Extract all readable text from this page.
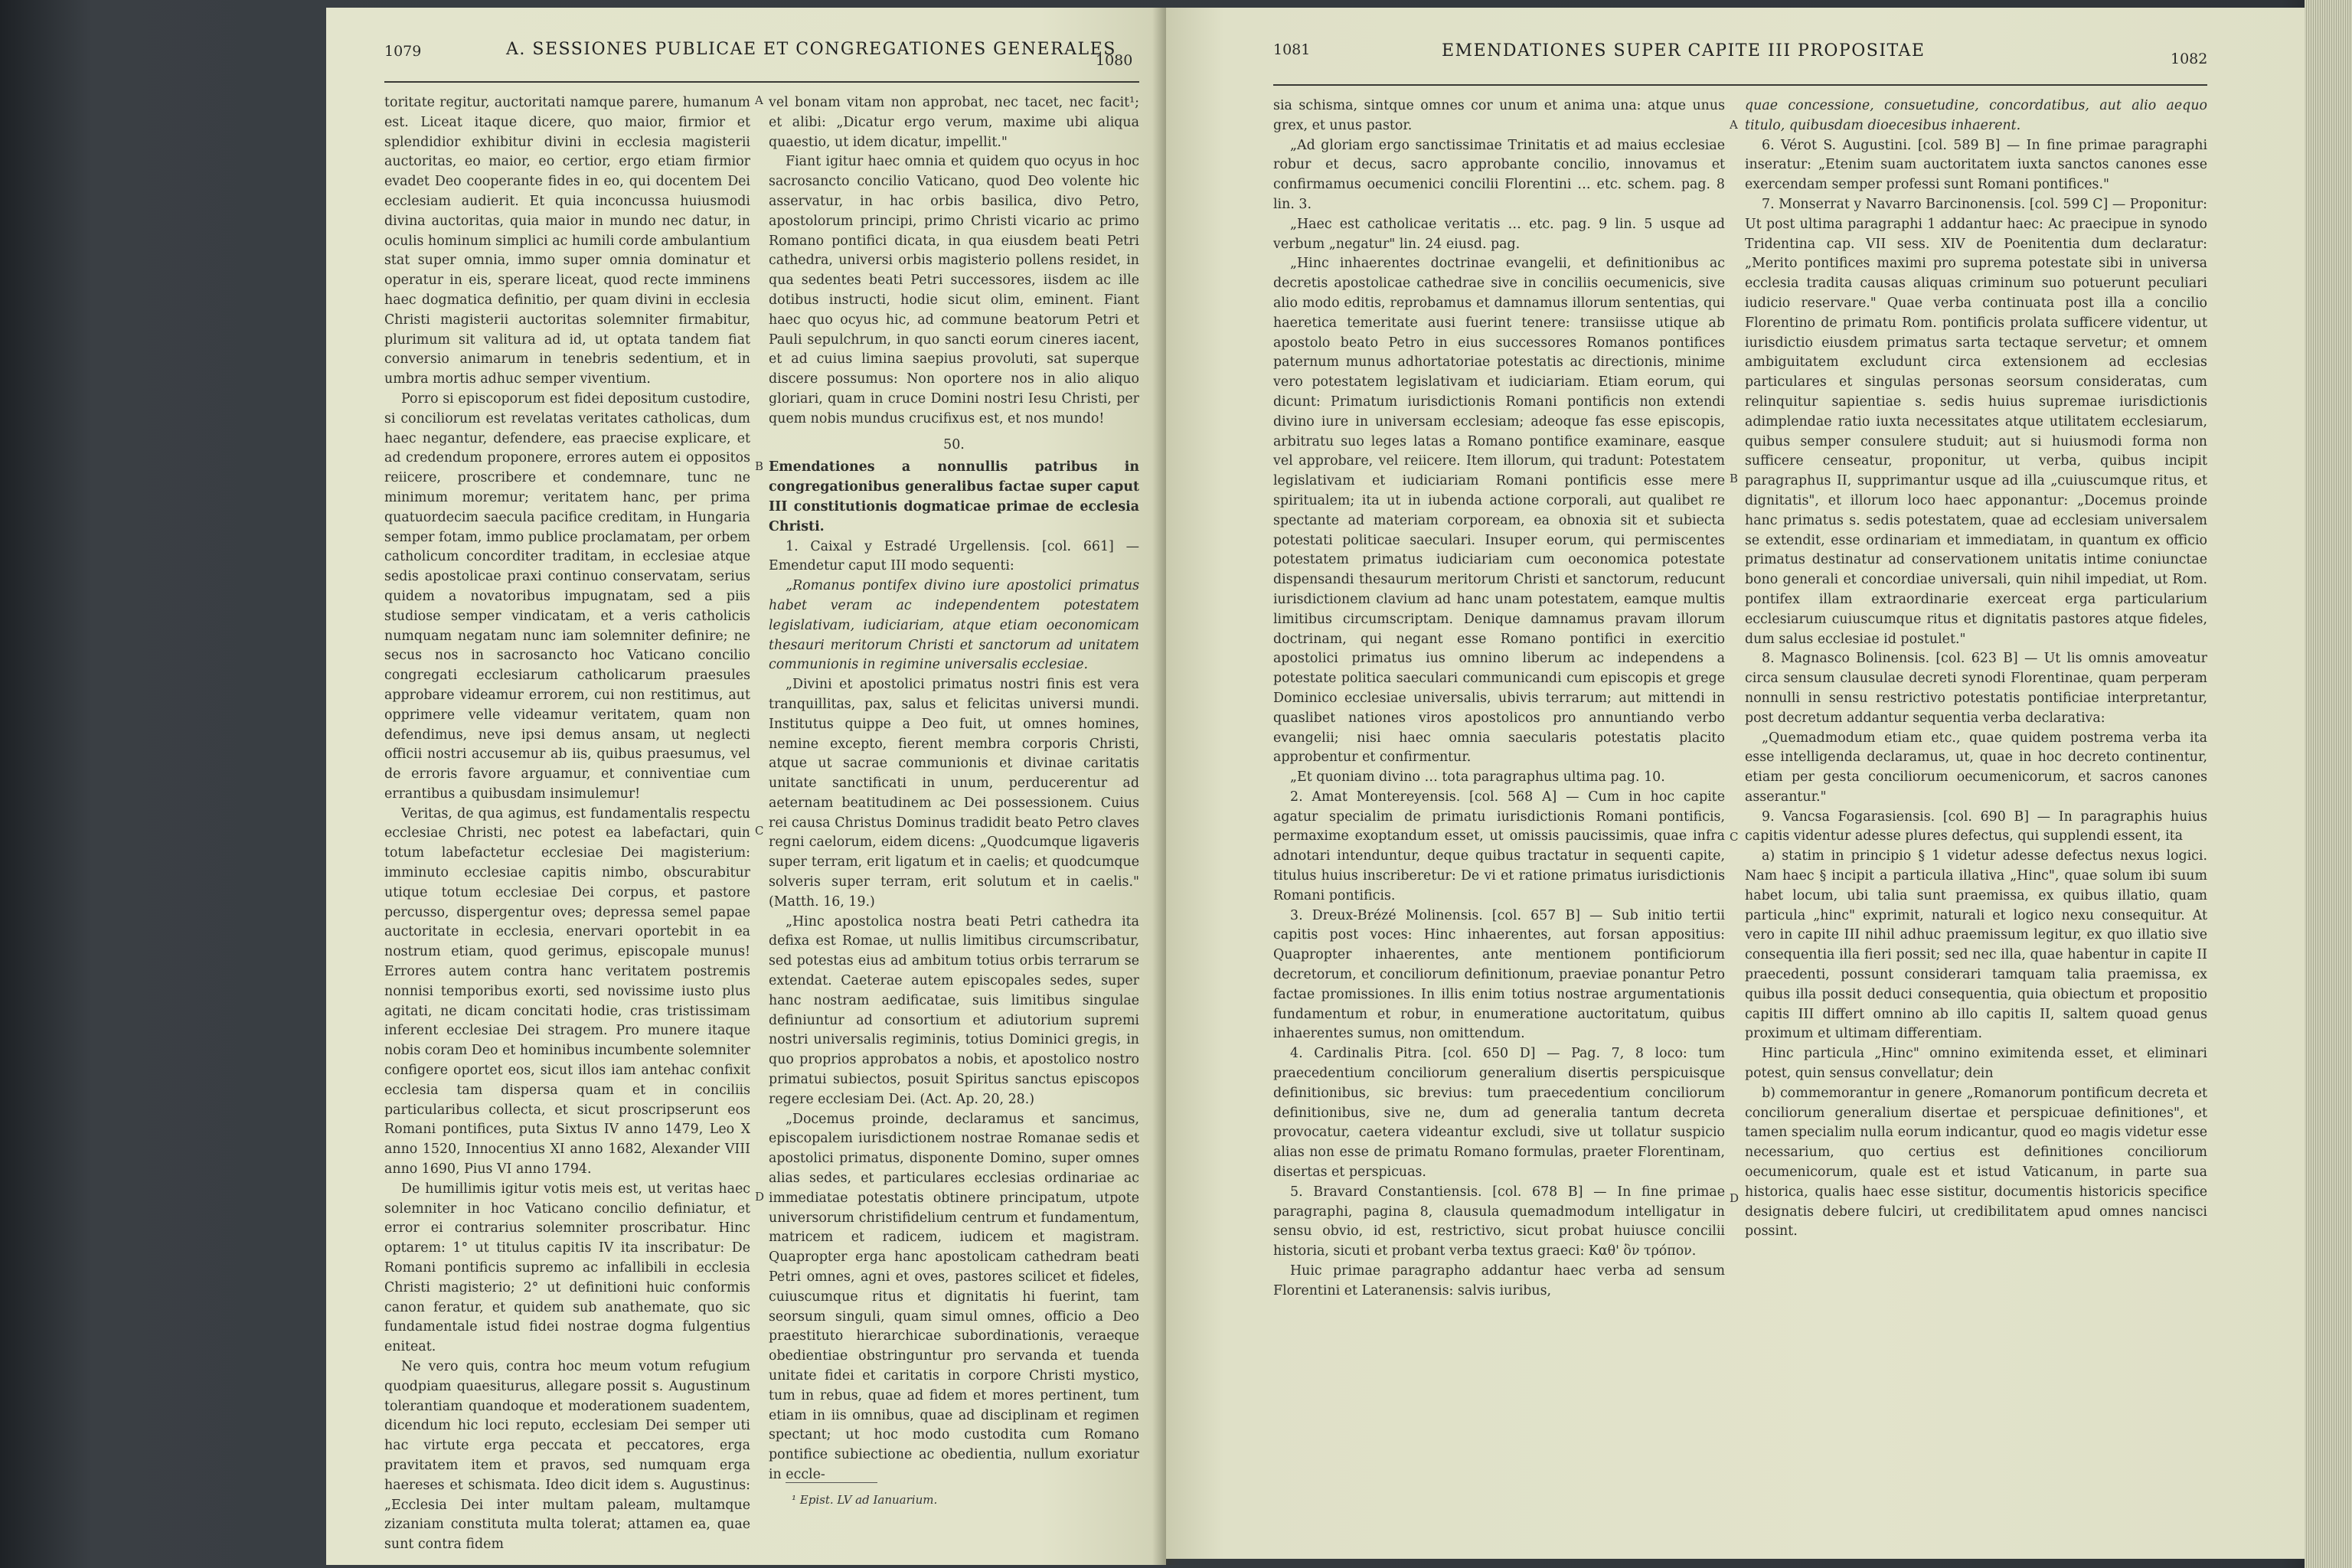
1079	A. SESSIONES PUBLICAE ET CONGREGATIONES GENERALES
1080

toritate regitur, auctoritati namque parere, humanum est. Liceat itaque dicere, quo maior, firmior et splendidior exhibitur divini in ecclesia magisterii auctoritas, eo maior, eo certior, ergo etiam firmior evadet Deo cooperante fides in eo, qui docentem Dei ecclesiam audierit. Et quia inconcussa huiusmodi divina auctoritas, quia maior in mundo nec datur, in oculis hominum simplici ac humili corde ambulantium stat super omnia, immo super omnia dominatur et operatur in eis, sperare liceat, quod recte imminens haec dogmatica definitio, per quam divini in ecclesia Christi magisterii auctoritas solemniter firmabitur, plurimum sit valitura ad id, ut optata tandem fiat conversio animarum in tenebris sedentium, et in umbra mortis adhuc semper viventium.

Porro si episcoporum est fidei depositum custodire, si conciliorum est revelatas veritates catholicas, dum haec negantur, defendere, eas praecise explicare, et ad credendum proponere, errores autem ei oppositos reiicere, proscribere et condemnare, tunc ne minimum moremur; veritatem hanc, per prima quatuordecim saecula pacifice creditam, in Hungaria semper fotam, immo publice proclamatam, per orbem catholicum concorditer traditam, in ecclesiae atque sedis apostolicae praxi continuo conservatam, serius quidem a novatoribus impugnatam, sed a piis studiose semper vindicatam, et a veris catholicis numquam negatam nunc iam solemniter definire; ne secus nos in sacrosancto hoc Vaticano concilio congregati ecclesiarum catholicarum praesules approbare videamur errorem, cui non restitimus, aut opprimere velle videamur veritatem, quam non defendimus, neve ipsi demus ansam, ut neglecti officii nostri accusemur ab iis, quibus praesumus, vel de erroris favore arguamur, et conniventiae cum errantibus a quibusdam insimulemur!

Veritas, de qua agimus, est fundamentalis respectu ecclesiae Christi, nec potest ea labefactari, quin totum labefactetur ecclesiae Dei magisterium: imminuto ecclesiae capitis nimbo, obscurabitur utique totum ecclesiae Dei corpus, et pastore percusso, dispergentur oves; depressa semel papae auctoritate in ecclesia, enervari oportebit in ea nostrum etiam, quod gerimus, episcopale munus! Errores autem contra hanc veritatem postremis nonnisi temporibus exorti, sed novissime iusto plus agitati, ne dicam concitati hodie, cras tristissimam inferent ecclesiae Dei stragem. Pro munere itaque nobis coram Deo et hominibus incumbente solemniter configere oportet eos, sicut illos iam antehac confixit ecclesia tam dispersa quam et in conciliis particularibus collecta, et sicut proscripserunt eos Romani pontifices, puta Sixtus IV anno 1479, Leo X anno 1520, Innocentius XI anno 1682, Alexander VIII anno 1690, Pius VI anno 1794.

De humillimis igitur votis meis est, ut veritas haec solemniter in hoc Vaticano concilio definiatur, et error ei contrarius solemniter proscribatur. Hinc optarem: 1° ut titulus capitis IV ita inscribatur: De Romani pontificis supremo ac infallibili in ecclesia Christi magisterio; 2° ut definitioni huic conformis canon feratur, et quidem sub anathemate, quo sic fundamentale istud fidei nostrae dogma fulgentius eniteat.

Ne vero quis, contra hoc meum votum refugium quodpiam quaesiturus, allegare possit s. Augustinum tolerantiam quandoque et moderationem suadentem, dicendum hic loci reputo, ecclesiam Dei semper uti hac virtute erga peccata et peccatores, erga pravitatem item et pravos, sed numquam erga haereses et schismata. Ideo dicit idem s. Augustinus: „Ecclesia Dei inter multam paleam, multamque zizaniam constituta multa tolerat; attamen ea, quae sunt contra fidem

A
B
C
D

vel bonam vitam non approbat, nec tacet, nec facit¹; et alibi: „Dicatur ergo verum, maxime ubi aliqua quaestio, ut idem dicatur, impellit."

Fiant igitur haec omnia et quidem quo ocyus in hoc sacrosancto concilio Vaticano, quod Deo volente hic asservatur, in hac orbis basilica, divo Petro, apostolorum principi, primo Christi vicario ac primo Romano pontifici dicata, in qua eiusdem beati Petri cathedra, universi orbis magisterio pollens residet, in qua sedentes beati Petri successores, iisdem ac ille dotibus instructi, hodie sicut olim, eminent. Fiant haec quo ocyus hic, ad commune beatorum Petri et Pauli sepulchrum, in quo sancti eorum cineres iacent, et ad cuius limina saepius provoluti, sat superque discere possumus: Non oportere nos in alio aliquo gloriari, quam in cruce Domini nostri Iesu Christi, per quem nobis mundus crucifixus est, et nos mundo!

50.

Emendationes a nonnullis patribus in congregationibus generalibus factae super caput III constitutionis dogmaticae primae de ecclesia Christi.

1. Caixal y Estradé Urgellensis. [col. 661] — Emendetur caput III modo sequenti:

„Romanus pontifex divino iure apostolici primatus habet veram ac independentem potestatem legislativam, iudiciariam, atque etiam oeconomicam thesauri meritorum Christi et sanctorum ad unitatem communionis in regimine universalis ecclesiae.

„Divini et apostolici primatus nostri finis est vera tranquillitas, pax, salus et felicitas universi mundi. Institutus quippe a Deo fuit, ut omnes homines, nemine excepto, fierent membra corporis Christi, atque ut sacrae communionis et divinae caritatis unitate sanctificati in unum, perducerentur ad aeternam beatitudinem ac Dei possessionem. Cuius rei causa Christus Dominus tradidit beato Petro claves regni caelorum, eidem dicens: „Quodcumque ligaveris super terram, erit ligatum et in caelis; et quodcumque solveris super terram, erit solutum et in caelis." (Matth. 16, 19.)

„Hinc apostolica nostra beati Petri cathedra ita defixa est Romae, ut nullis limitibus circumscribatur, sed potestas eius ad ambitum totius orbis terrarum se extendat. Caeterae autem episcopales sedes, super hanc nostram aedificatae, suis limitibus singulae definiuntur ad consortium et adiutorium supremi nostri universalis regiminis, totius Dominici gregis, in quo proprios approbatos a nobis, et apostolico nostro primatui subiectos, posuit Spiritus sanctus episcopos regere ecclesiam Dei. (Act. Ap. 20, 28.)

„Docemus proinde, declaramus et sancimus, episcopalem iurisdictionem nostrae Romanae sedis et apostolici primatus, disponente Domino, super omnes alias sedes, et particulares ecclesias ordinariae ac immediatae potestatis obtinere principatum, utpote universorum christifidelium centrum et fundamentum, matricem et radicem, iudicem et magistram. Quapropter erga hanc apostolicam cathedram beati Petri omnes, agni et oves, pastores scilicet et fideles, cuiuscumque ritus et dignitatis hi fuerint, tam seorsum singuli, quam simul omnes, officio a Deo praestituto hierarchicae subordinationis, veraeque obedientiae obstringuntur pro servanda et tuenda unitate fidei et caritatis in corpore Christi mystico, tum in rebus, quae ad fidem et mores pertinent, tum etiam in iis omnibus, quae ad disciplinam et regimen spectant; ut hoc modo custodita cum Romano pontifice subiectione ac obedientia, nullum exoriatur in eccle-

¹ Epist. LV ad Ianuarium.
1081	EMENDATIONES SUPER CAPITE III PROPOSITAE	1082

sia schisma, sintque omnes cor unum et anima una: atque unus grex, et unus pastor.

„Ad gloriam ergo sanctissimae Trinitatis et ad maius ecclesiae robur et decus, sacro approbante concilio, innovamus et confirmamus oecumenici concilii Florentini … etc. schem. pag. 8 lin. 3.

„Haec est catholicae veritatis … etc. pag. 9 lin. 5 usque ad verbum „negatur" lin. 24 eiusd. pag.

„Hinc inhaerentes doctrinae evangelii, et definitionibus ac decretis apostolicae cathedrae sive in conciliis oecumenicis, sive alio modo editis, reprobamus et damnamus illorum sententias, qui haeretica temeritate ausi fuerint tenere: transiisse utique ab apostolo beato Petro in eius successores Romanos pontifices paternum munus adhortatoriae potestatis ac directionis, minime vero potestatem legislativam et iudiciariam. Etiam eorum, qui dicunt: Primatum iurisdictionis Romani pontificis non extendi divino iure in universam ecclesiam; adeoque fas esse episcopis, arbitratu suo leges latas a Romano pontifice examinare, easque vel approbare, vel reiicere. Item illorum, qui tradunt: Potestatem legislativam et iudiciariam Romani pontificis esse mere spiritualem; ita ut in iubenda actione corporali, aut qualibet re spectante ad materiam corpoream, ea obnoxia sit et subiecta potestati politicae saeculari. Insuper eorum, qui permiscentes potestatem primatus iudiciariam cum oeconomica potestate dispensandi thesaurum meritorum Christi et sanctorum, reducunt iurisdictionem clavium ad hanc unam potestatem, eamque multis limitibus circumscriptam. Denique damnamus pravam illorum doctrinam, qui negant esse Romano pontifici in exercitio apostolici primatus ius omnino liberum ac independens a potestate politica saeculari communicandi cum episcopis et grege Dominico ecclesiae universalis, ubivis terrarum; aut mittendi in quaslibet nationes viros apostolicos pro annuntiando verbo evangelii; nisi haec omnia saecularis potestatis placito approbentur et confirmentur.

„Et quoniam divino … tota paragraphus ultima pag. 10.

2. Amat Montereyensis. [col. 568 A] — Cum in hoc capite agatur specialim de primatu iurisdictionis Romani pontificis, permaxime exoptandum esset, ut omissis paucissimis, quae infra adnotari intenduntur, deque quibus tractatur in sequenti capite, titulus huius inscriberetur: De vi et ratione primatus iurisdictionis Romani pontificis.

3. Dreux-Brézé Molinensis. [col. 657 B] — Sub initio tertii capitis post voces: Hinc inhaerentes, aut forsan appositius: Quapropter inhaerentes, ante mentionem pontificiorum decretorum, et conciliorum definitionum, praeviae ponantur Petro factae promissiones. In illis enim totius nostrae argumentationis fundamentum et robur, in enumeratione auctoritatum, quibus inhaerentes sumus, non omittendum.

4. Cardinalis Pitra. [col. 650 D] — Pag. 7, 8 loco: tum praecedentium conciliorum generalium disertis perspicuisque definitionibus, sic brevius: tum praecedentium conciliorum definitionibus, sive ne, dum ad generalia tantum decreta provocatur, caetera videantur excludi, sive ut tollatur suspicio alias non esse de primatu Romano formulas, praeter Florentinam, disertas et perspicuas.

5. Bravard Constantiensis. [col. 678 B] — In fine primae paragraphi, pagina 8, clausula quemadmodum intelligatur in sensu obvio, id est, restrictivo, sicut probat huiusce concilii historia, sicuti et probant verba textus graeci: Καθ' ὃν τρόπον.

Huic primae paragrapho addantur haec verba ad sensum Florentini et Lateranensis: salvis iuribus,

A
B
C
D

quae concessione, consuetudine, concordatibus, aut alio aequo titulo, quibusdam dioecesibus inhaerent.

6. Vérot S. Augustini. [col. 589 B] — In fine primae paragraphi inseratur: „Etenim suam auctoritatem iuxta sanctos canones esse exercendam semper professi sunt Romani pontifices."

7. Monserrat y Navarro Barcinonensis. [col. 599 C] — Proponitur: Ut post ultima paragraphi 1 addantur haec: Ac praecipue in synodo Tridentina cap. VII sess. XIV de Poenitentia dum declaratur: „Merito pontifices maximi pro suprema potestate sibi in universa ecclesia tradita causas aliquas criminum suo potuerunt peculiari iudicio reservare." Quae verba continuata post illa a concilio Florentino de primatu Rom. pontificis prolata sufficere videntur, ut iurisdictio eiusdem primatus sarta tectaque servetur; et omnem ambiguitatem excludunt circa extensionem ad ecclesias particulares et singulas personas seorsum consideratas, cum relinquitur sapientiae s. sedis huius supremae iurisdictionis adimplendae ratio iuxta necessitates atque utilitatem ecclesiarum, quibus semper consulere studuit; aut si huiusmodi forma non sufficere censeatur, proponitur, ut verba, quibus incipit paragraphus II, supprimantur usque ad illa „cuiuscumque ritus, et dignitatis", et illorum loco haec apponantur: „Docemus proinde hanc primatus s. sedis potestatem, quae ad ecclesiam universalem se extendit, esse ordinariam et immediatam, in quantum ex officio primatus destinatur ad conservationem unitatis intime coniunctae bono generali et concordiae universali, quin nihil impediat, ut Rom. pontifex illam extraordinarie exerceat erga particularium ecclesiarum cuiuscumque ritus et dignitatis pastores atque fideles, dum salus ecclesiae id postulet."

8. Magnasco Bolinensis. [col. 623 B] — Ut lis omnis amoveatur circa sensum clausulae decreti synodi Florentinae, quam perperam nonnulli in sensu restrictivo potestatis pontificiae interpretantur, post decretum addantur sequentia verba declarativa:

„Quemadmodum etiam etc., quae quidem postrema verba ita esse intelligenda declaramus, ut, quae in hoc decreto continentur, etiam per gesta conciliorum oecumenicorum, et sacros canones asserantur."

9. Vancsa Fogarasiensis. [col. 690 B] — In paragraphis huius capitis videntur adesse plures defectus, qui supplendi essent, ita

a) statim in principio § 1 videtur adesse defectus nexus logici. Nam haec § incipit a particula illativa „Hinc", quae solum ibi suum habet locum, ubi talia sunt praemissa, ex quibus illatio, quam particula „hinc" exprimit, naturali et logico nexu consequitur. At vero in capite III nihil adhuc praemissum legitur, ex quo illatio sive consequentia illa fieri possit; sed nec illa, quae habentur in capite II praecedenti, possunt considerari tamquam talia praemissa, ex quibus illa possit deduci consequentia, quia obiectum et propositio capitis III differt omnino ab illo capitis II, saltem quoad genus proximum et ultimam differentiam.

Hinc particula „Hinc" omnino eximitenda esset, et eliminari potest, quin sensus convellatur; dein

b) commemorantur in genere „Romanorum pontificum decreta et conciliorum generalium disertae et perspicuae definitiones", et tamen specialim nulla eorum indicantur, quod eo magis videtur esse necessarium, quo certius est definitiones conciliorum oecumenicorum, quale est et istud Vaticanum, in parte sua historica, qualis haec esse sistitur, documentis historicis specifice designatis debere fulciri, ut credibilitatem apud omnes nanciscі possint.
